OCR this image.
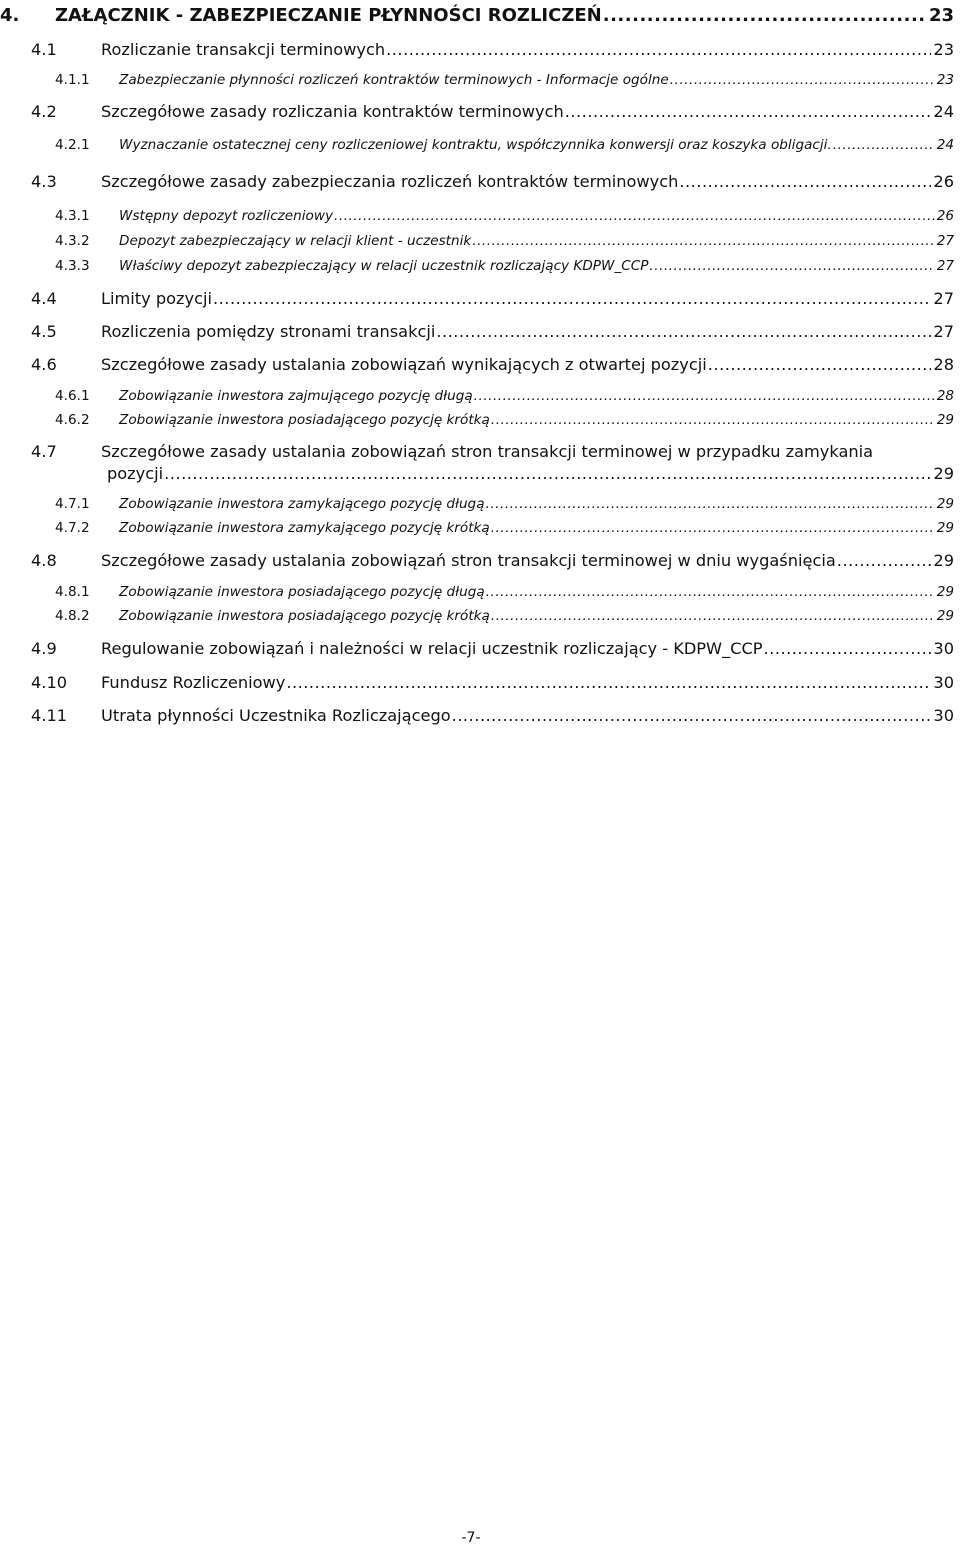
4. ZAŁĄCZNIK - ZABEZPIECZANIE PŁYNNOŚCI ROZLICZEŃ .....	23
4.1	Rozliczanie transakcji terminowych .....	23
4.1.1 Zabezpieczanie płynności rozliczeń kontraktów terminowych - Informacje ogólne .....	23
4.2	Szczegółowe zasady rozliczania kontraktów terminowych .....	24
4.2.1 Wyznaczanie ostatecznej ceny rozliczeniowej kontraktu, współczynnika konwersji oraz koszyka obligacji. .....	24
4.3	Szczegółowe zasady zabezpieczania rozliczeń kontraktów terminowych .....	26
4.3.1 Wstępny depozyt rozliczeniowy .....	26
4.3.2 Depozyt zabezpieczający w relacji klient - uczestnik .....	27
4.3.3 Właściwy depozyt zabezpieczający w relacji uczestnik rozliczający KDPW_CCP .....	27
4.4	Limity pozycji .....	27
4.5	Rozliczenia pomiędzy stronami transakcji .....	27
4.6	Szczegółowe zasady ustalania zobowiązań wynikających z otwartej pozycji .....	28
4.6.1 Zobowiązanie inwestora zajmującego pozycję długą .....	28
4.6.2 Zobowiązanie inwestora posiadającego pozycję krótką .....	29
4.7	Szczegółowe zasady ustalania zobowiązań stron transakcji terminowej w przypadku zamykania
pozycji .....	29
4.7.1 Zobowiązanie inwestora zamykającego pozycję długą .....	29
4.7.2 Zobowiązanie inwestora zamykającego pozycję krótką .....	29
4.8	Szczegółowe zasady ustalania zobowiązań stron transakcji terminowej w dniu wygaśnięcia .....	29
4.8.1 Zobowiązanie inwestora posiadającego pozycję długą .....	29
4.8.2 Zobowiązanie inwestora posiadającego pozycję krótką .....	29
4.9	Regulowanie zobowiązań i należności w relacji uczestnik rozliczający - KDPW_CCP .....	30
4.10 Fundusz Rozliczeniowy .....	30
4.11 Utrata płynności Uczestnika Rozliczającego .....	30
-7-
